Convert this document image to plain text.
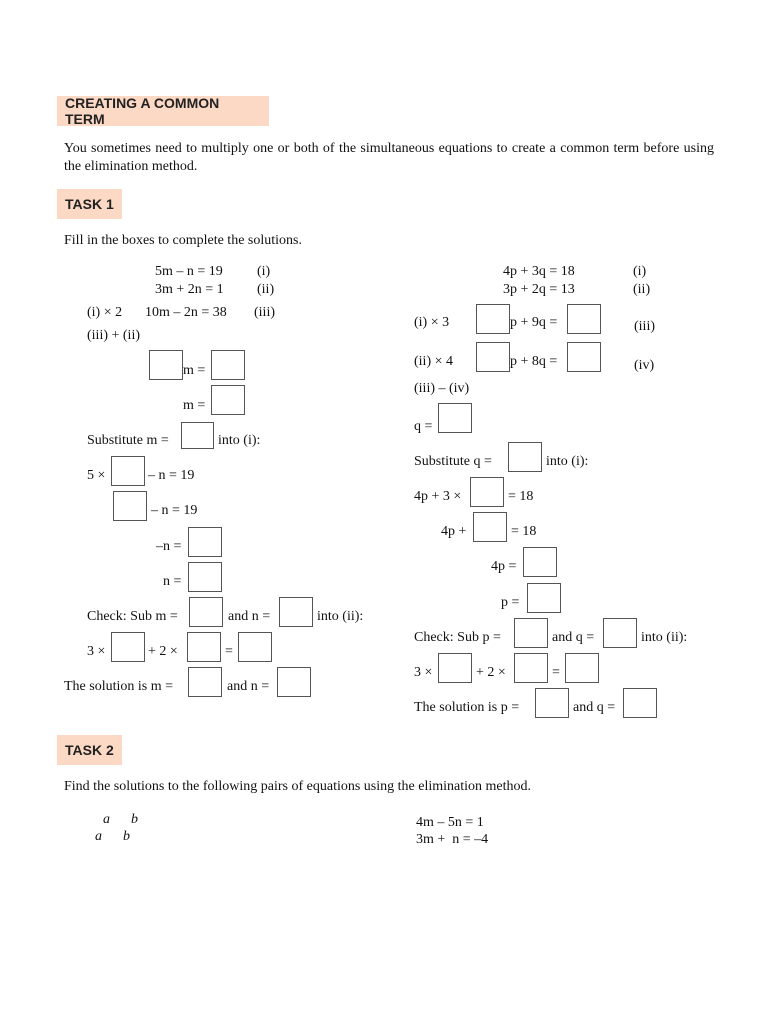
CREATING A COMMON TERM
You sometimes need to multiply one or both of the simultaneous equations to create a common term before using the elimination method.
TASK 1
Fill in the boxes to complete the solutions.
5m – n = 19 (i)
3m + 2n = 1 (ii)
(i) × 2 10m – 2n = 38 (iii)
(iii) + (ii)
m =
m =
Substitute m =	into (i):
5 ×	– n = 19
– n = 19
–n =
n =
Check: Sub m =	and n =	into (ii):
3 ×	+ 2 ×	=
The solution is m =	and n =
4p + 3q = 18	(i)
3p + 2q = 13	(ii)
(i) × 3	p + 9q =	(iii)
(ii) × 4	p + 8q =	(iv)
(iii) – (iv)
q =
Substitute q =	into (i):
4p + 3 ×	= 18
4p +	= 18
4p =
p =
Check: Sub p =	and q =	into (ii):
3 ×	+ 2 ×	=
The solution is p =	and q =
TASK 2
Find the solutions to the following pairs of equations using the elimination method.
a      b
a      b
4m – 5n = 1
3m +  n = –4
